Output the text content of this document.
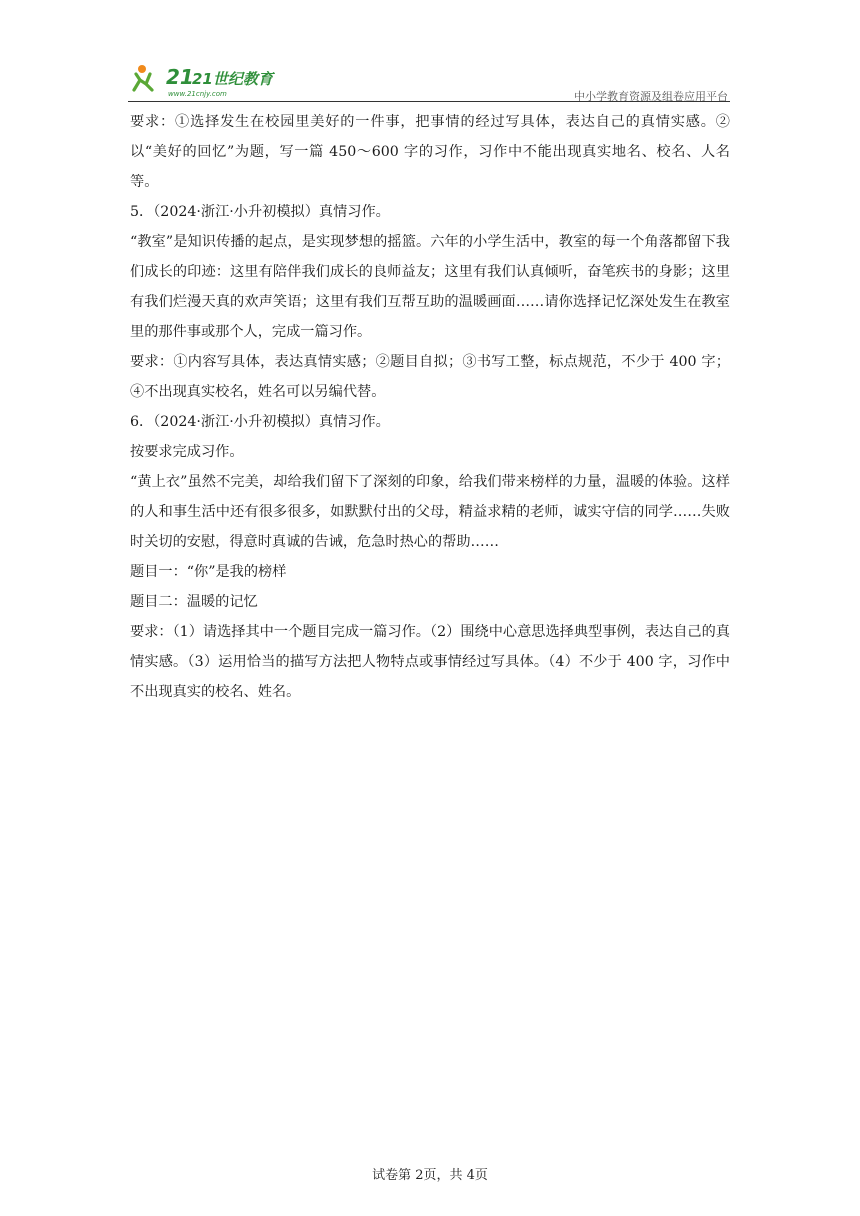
21
21世纪教育
www.21cnjy.com	中小学教育资源及组卷应用平台

要求：①选择发生在校园里美好的一件事，把事情的经过写具体，表达自己的真情实感。②以“美好的回忆”为题，写一篇 450～600 字的习作，习作中不能出现真实地名、校名、人名等。

5．（2024·浙江·小升初模拟）真情习作。

“教室”是知识传播的起点，是实现梦想的摇篮。六年的小学生活中，教室的每一个角落都留下我们成长的印迹：这里有陪伴我们成长的良师益友；这里有我们认真倾听，奋笔疾书的身影；这里有我们烂漫天真的欢声笑语；这里有我们互帮互助的温暖画面……请你选择记忆深处发生在教室里的那件事或那个人，完成一篇习作。

要求：①内容写具体，表达真情实感；②题目自拟；③书写工整，标点规范，不少于 400 字；④不出现真实校名，姓名可以另编代替。

6．（2024·浙江·小升初模拟）真情习作。

按要求完成习作。

“黄上衣”虽然不完美，却给我们留下了深刻的印象，给我们带来榜样的力量，温暖的体验。这样的人和事生活中还有很多很多，如默默付出的父母，精益求精的老师，诚实守信的同学……失败时关切的安慰，得意时真诚的告诫，危急时热心的帮助……

题目一：“你”是我的榜样

题目二：温暖的记忆

要求：（1）请选择其中一个题目完成一篇习作。（2）围绕中心意思选择典型事例，表达自己的真情实感。（3）运用恰当的描写方法把人物特点或事情经过写具体。（4）不少于 400 字，习作中不出现真实的校名、姓名。

试卷第 2页，共 4页
